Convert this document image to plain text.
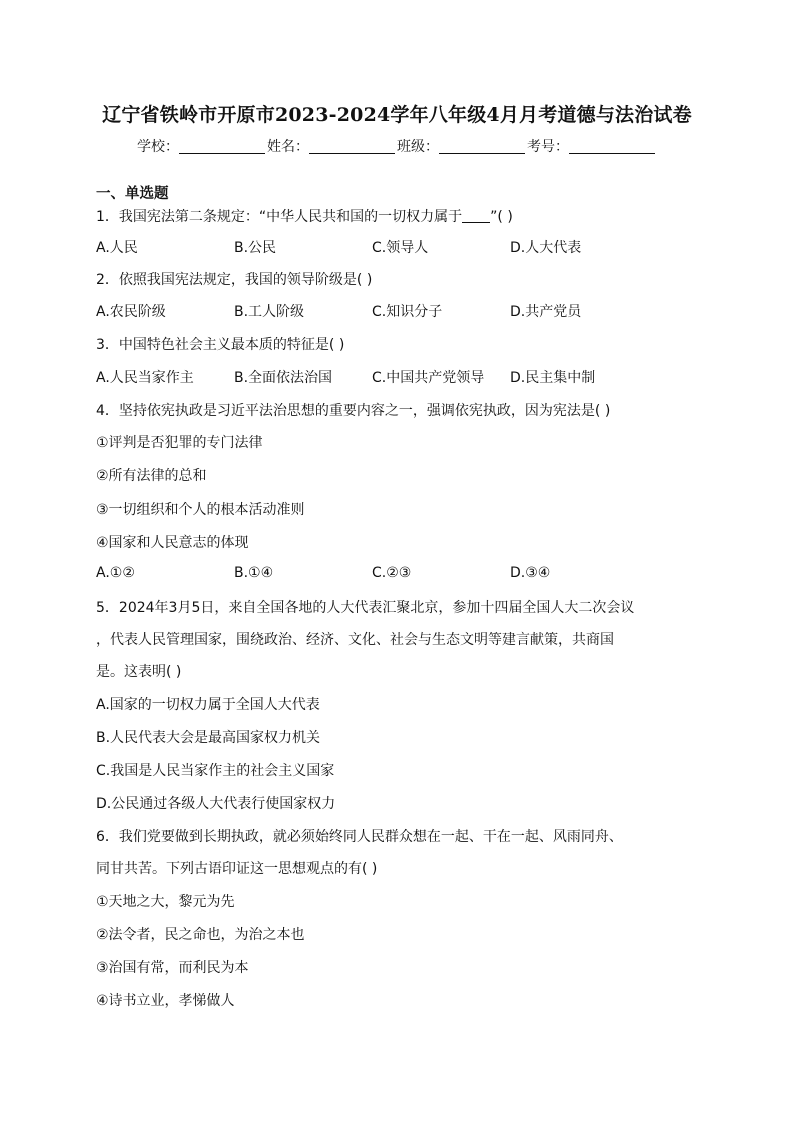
辽宁省铁岭市开原市2023-2024学年八年级4月月考道德与法治试卷
学校：	姓名：	班级：	考号：
一、单选题
1．我国宪法第二条规定：“中华人民共和国的一切权力属于 ”( )
A.人民	B.公民	C.领导人	D.人大代表
2．依照我国宪法规定，我国的领导阶级是( )
A.农民阶级	B.工人阶级	C.知识分子	D.共产党员
3．中国特色社会主义最本质的特征是( )
A.人民当家作主	B.全面依法治国	C.中国共产党领导 D.民主集中制
4．坚持依宪执政是习近平法治思想的重要内容之一，强调依宪执政，因为宪法是( )
①评判是否犯罪的专门法律
②所有法律的总和
③一切组织和个人的根本活动准则
④国家和人民意志的体现
A.①②	B.①④	C.②③	D.③④
5．2024年3月5日，来自全国各地的人大代表汇聚北京，参加十四届全国人大二次会议
，代表人民管理国家，围绕政治、经济、文化、社会与生态文明等建言献策，共商国
是。这表明( )
A.国家的一切权力属于全国人大代表
B.人民代表大会是最高国家权力机关
C.我国是人民当家作主的社会主义国家
D.公民通过各级人大代表行使国家权力
6．我们党要做到长期执政，就必须始终同人民群众想在一起、干在一起、风雨同舟、
同甘共苦。下列古语印证这一思想观点的有( )
①天地之大，黎元为先
②法令者，民之命也，为治之本也
③治国有常，而利民为本
④诗书立业，孝悌做人
